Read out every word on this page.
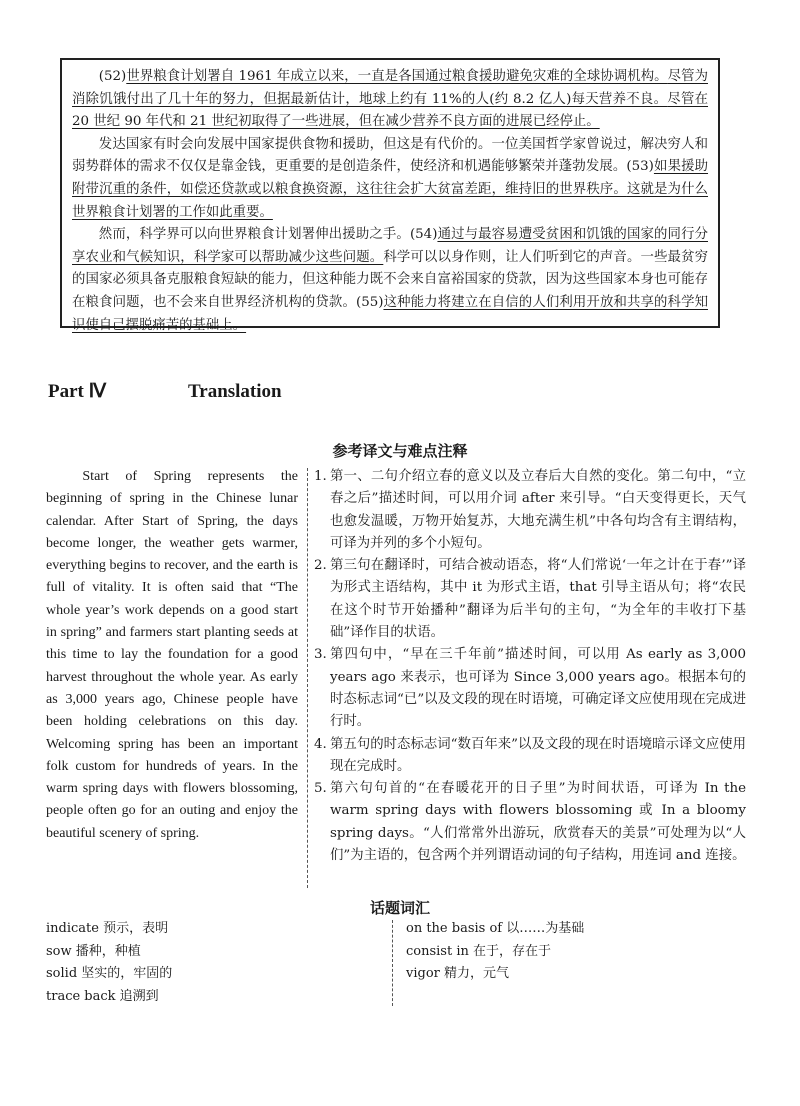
(52)世界粮食计划署自 1961 年成立以来，一直是各国通过粮食援助避免灾难的全球协调机构。尽管为消除饥饿付出了几十年的努力，但据最新估计，地球上约有 11%的人(约 8.2 亿人)每天营养不良。尽管在 20 世纪 90 年代和 21 世纪初取得了一些进展，但在减少营养不良方面的进展已经停止。

发达国家有时会向发展中国家提供食物和援助，但这是有代价的。一位美国哲学家曾说过，解决穷人和弱势群体的需求不仅仅是靠金钱，更重要的是创造条件，使经济和机遇能够繁荣并蓬勃发展。(53)如果援助附带沉重的条件，如偿还贷款或以粮食换资源，这往往会扩大贫富差距，维持旧的世界秩序。这就是为什么世界粮食计划署的工作如此重要。

然而，科学界可以向世界粮食计划署伸出援助之手。(54)通过与最容易遭受贫困和饥饿的国家的同行分享农业和气候知识，科学家可以帮助减少这些问题。科学可以以身作则，让人们听到它的声音。一些最贫穷的国家必须具备克服粮食短缺的能力，但这种能力既不会来自富裕国家的贷款，因为这些国家本身也可能存在粮食问题，也不会来自世界经济机构的贷款。(55)这种能力将建立在自信的人们利用开放和共享的科学知识使自己摆脱痛苦的基础上。

Part Ⅳ	Translation
参考译文与难点注释

Start of Spring represents the beginning of spring in the Chinese lunar calendar. After Start of Spring, the days become longer, the weather gets warmer, everything begins to recover, and the earth is full of vitality. It is often said that “The whole year’s work depends on a good start in spring” and farmers start planting seeds at this time to lay the foundation for a good harvest throughout the whole year. As early as 3,000 years ago, Chinese people have been holding celebrations on this day. Welcoming spring has been an important folk custom for hundreds of years. In the warm spring days with flowers blossoming, people often go for an outing and enjoy the beautiful scenery of spring.

1. 第一、二句介绍立春的意义以及立春后大自然的变化。第二句中，“立春之后”描述时间，可以用介词 after 来引导。“白天变得更长，天气也愈发温暖，万物开始复苏，大地充满生机”中各句均含有主谓结构，可译为并列的多个小短句。
2. 第三句在翻译时，可结合被动语态，将“人们常说‘一年之计在于春’”译为形式主语结构，其中 it 为形式主语，that 引导主语从句；将“农民在这个时节开始播种”翻译为后半句的主句，“为全年的丰收打下基础”译作目的状语。
3. 第四句中，“早在三千年前”描述时间，可以用 As early as 3,000 years ago 来表示，也可译为 Since 3,000 years ago。根据本句的时态标志词“已”以及文段的现在时语境，可确定译文应使用现在完成进行时。
4. 第五句的时态标志词“数百年来”以及文段的现在时语境暗示译文应使用现在完成时。
5. 第六句句首的“在春暖花开的日子里”为时间状语，可译为 In the warm spring days with flowers blossoming 或 In a bloomy spring days。“人们常常外出游玩，欣赏春天的美景”可处理为以“人们”为主语的，包含两个并列谓语动词的句子结构，用连词 and 连接。
话题词汇
indicate 预示，表明
sow 播种，种植
solid 坚实的，牢固的
trace back 追溯到
on the basis of 以……为基础
consist in 在于，存在于
vigor 精力，元气
